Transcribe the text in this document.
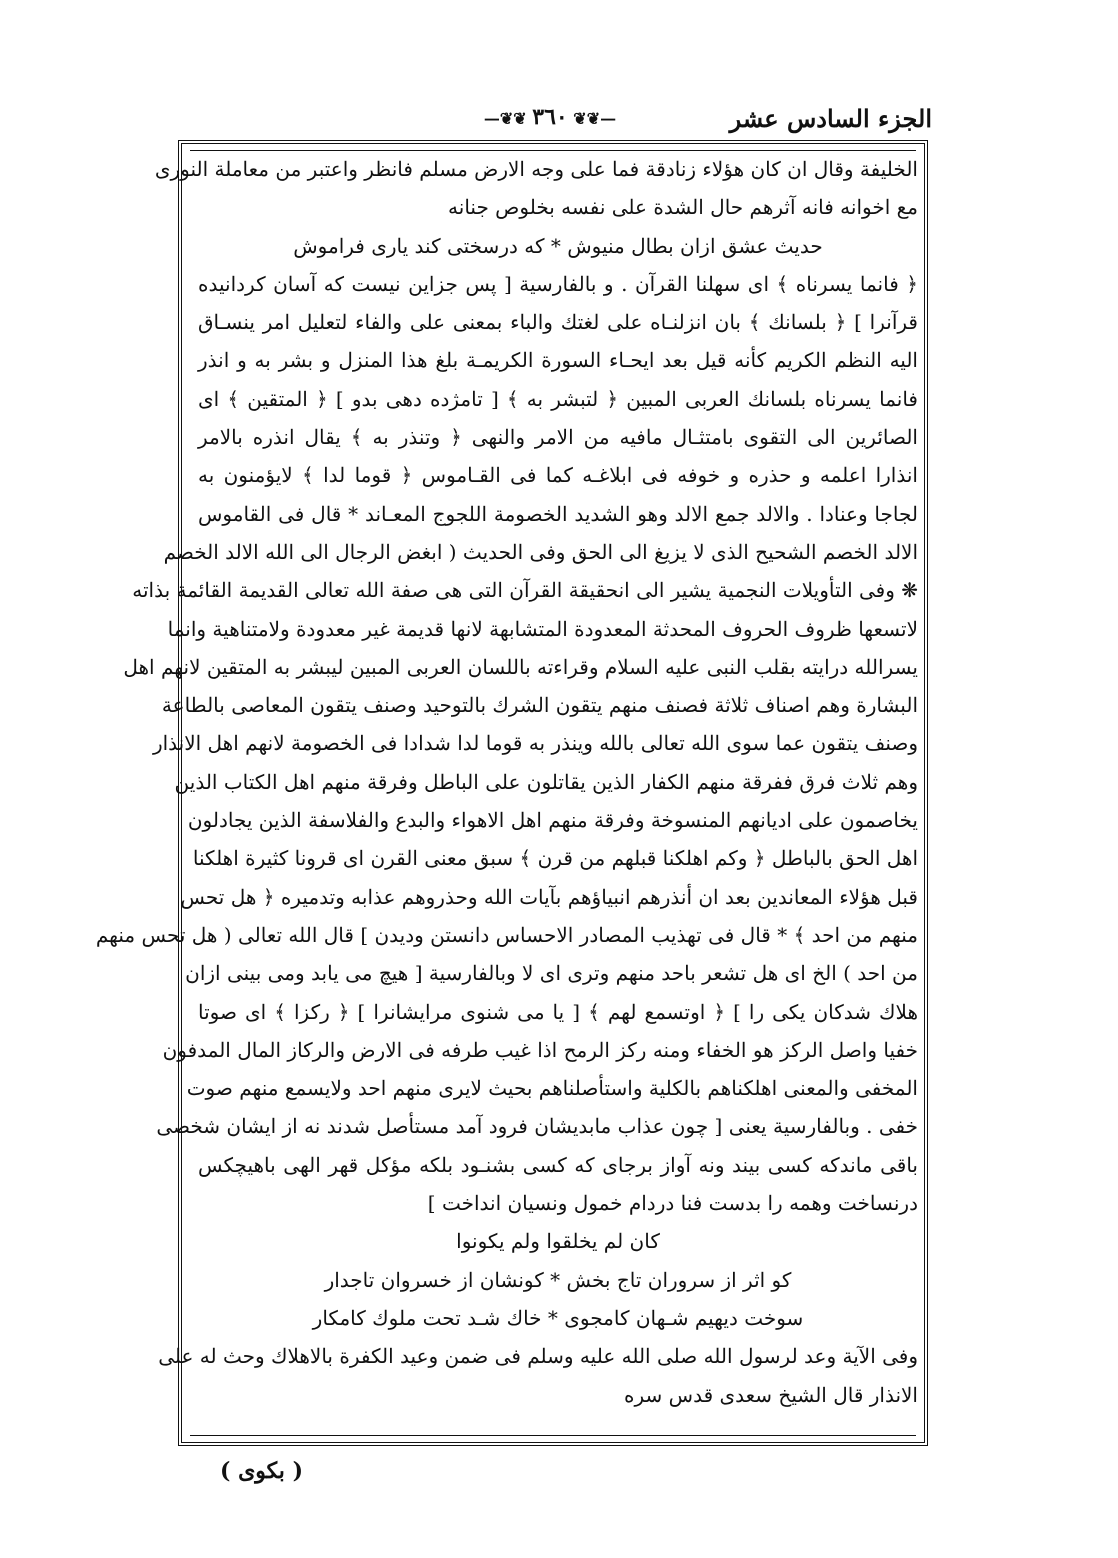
الجزء السادس عشر
—❦❦ ٣٦٠ ❦❦—
الخليفة وقال ان كان هؤلاء زنادقة فما على وجه الارض مسلم فانظر واعتبر من معاملة النورى
مع اخوانه فانه آثرهم حال الشدة على نفسه بخلوص جنانه
حديث عشق ازان بطال منيوش * كه درسختى كند يارى فراموش
﴿ فانما يسرناه ﴾ اى سهلنا القرآن . و بالفارسية [ پس جزاين نيست كه آسان كردانيده
قرآنرا ] ﴿ بلسانك ﴾ بان انزلنـاه على لغتك والباء بمعنى على والفاء لتعليل امر ينسـاق
اليه النظم الكريم كأنه قيل بعد ايحـاء السورة الكريمـة بلغ هذا المنزل و بشر به و انذر
فانما يسرناه بلسانك العربى المبين ﴿ لتبشر به ﴾ [ تامژده دهى بدو ] ﴿ المتقين ﴾ اى
الصائرين الى التقوى بامتثـال مافيه من الامر والنهى ﴿ وتنذر به ﴾ يقال انذره بالامر
انذارا اعلمه و حذره و خوفه فى ابلاغـه كما فى القـاموس ﴿ قوما لدا ﴾ لايؤمنون به
لجاجا وعنادا . والالد جمع الالد وهو الشديد الخصومة اللجوج المعـاند * قال فى القاموس
الالد الخصم الشحيح الذى لا يزيغ الى الحق وفى الحديث ( ابغض الرجال الى الله الالد الخصم
❋ وفى التأويلات النجمية يشير الى انحقيقة القرآن التى هى صفة الله تعالى القديمة القائمة بذاته
لاتسعها ظروف الحروف المحدثة المعدودة المتشابهة لانها قديمة غير معدودة ولامتناهية وانما
يسرالله درايته بقلب النبى عليه السلام وقراءته باللسان العربى المبين ليبشر به المتقين لانهم اهل
البشارة وهم اصناف ثلاثة فصنف منهم يتقون الشرك بالتوحيد وصنف يتقون المعاصى بالطاعة
وصنف يتقون عما سوى الله تعالى بالله وينذر به قوما لدا شدادا فى الخصومة لانهم اهل الانذار
وهم ثلاث فرق ففرقة منهم الكفار الذين يقاتلون على الباطل وفرقة منهم اهل الكتاب الذين
يخاصمون على اديانهم المنسوخة وفرقة منهم اهل الاهواء والبدع والفلاسفة الذين يجادلون
اهل الحق بالباطل ﴿ وكم اهلكنا قبلهم من قرن ﴾ سبق معنى القرن اى قرونا كثيرة اهلكنا
قبل هؤلاء المعاندين بعد ان أنذرهم انبياؤهم بآيات الله وحذروهم عذابه وتدميره ﴿ هل تحس
منهم من احد ﴾ * قال فى تهذيب المصادر الاحساس دانستن وديدن ] قال الله تعالى ( هل تحس منهم
من احد ) الخ اى هل تشعر باحد منهم وترى اى لا وبالفارسية [ هيچ مى يابد ومى بينى ازان
هلاك شدكان يكى را ] ﴿ اوتسمع لهم ﴾ [ يا مى شنوى مرايشانرا ] ﴿ ركزا ﴾ اى صوتا
خفيا واصل الركز هو الخفاء ومنه ركز الرمح اذا غيب طرفه فى الارض والركاز المال المدفون
المخفى والمعنى اهلكناهم بالكلية واستأصلناهم بحيث لايرى منهم احد ولايسمع منهم صوت
خفى . وبالفارسية يعنى [ چون عذاب مابديشان فرود آمد مستأصل شدند نه از ايشان شخصى
باقى ماندكه كسى بيند ونه آواز برجاى كه كسى بشنـود بلكه مؤكل قهر الهى باهيچكس
درنساخت وهمه را بدست فنا دردام خمول ونسيان انداخت ]
كان لم يخلقوا ولم يكونوا
كو اثر از سروران تاج بخش * كونشان از خسروان تاجدار
سوخت ديهيم شـهان كامجوى * خاك شـد تحت ملوك كامكار
وفى الآية وعد لرسول الله صلى الله عليه وسلم فى ضمن وعيد الكفرة بالاهلاك وحث له على
الانذار قال الشيخ سعدى قدس سره
( بكوى )
